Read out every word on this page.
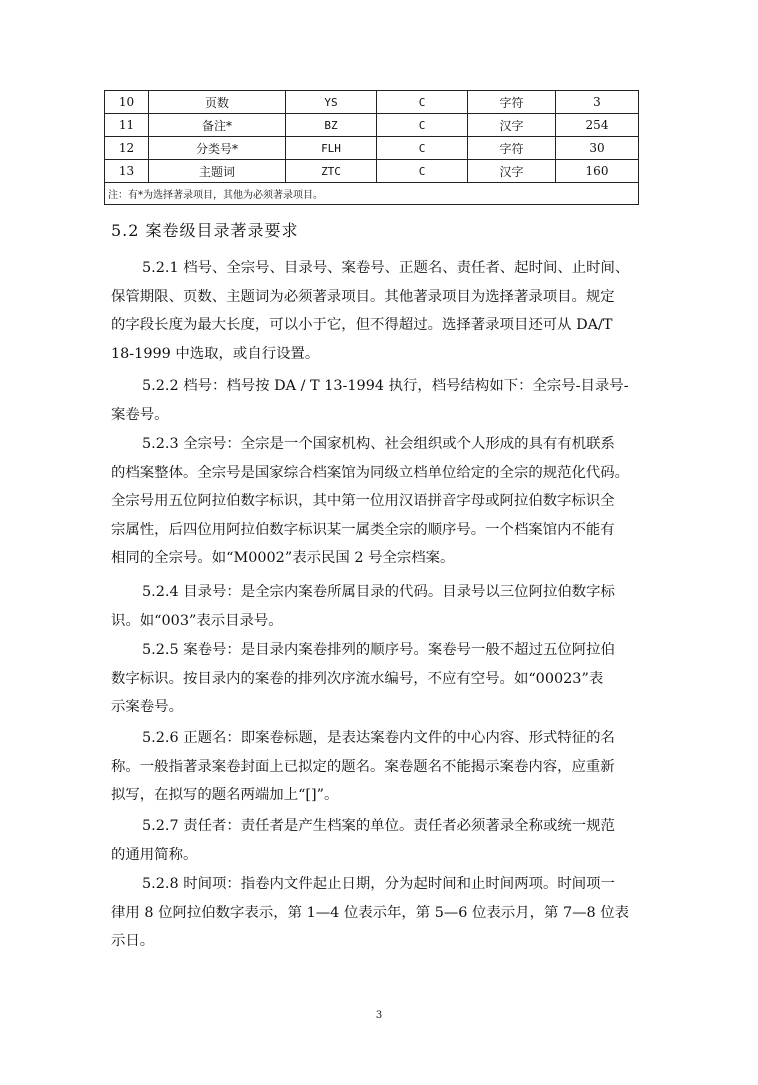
10	页数	YS	C	字符	3
11	备注*	BZ	C	汉字	254
12	分类号*	FLH	C	字符	30
13	主题词	ZTC	C	汉字	160
注：有*为选择著录项目，其他为必须著录项目。					
5.2 案卷级目录著录要求

5.2.1 档号、全宗号、目录号、案卷号、正题名、责任者、起时间、止时间、
保管期限、页数、主题词为必须著录项目。其他著录项目为选择著录项目。规定
的字段长度为最大长度，可以小于它，但不得超过。选择著录项目还可从 DA/T
18-1999 中选取，或自行设置。

5.2.2 档号：档号按 DA / T 13-1994 执行，档号结构如下：全宗号-目录号-
案卷号。

5.2.3 全宗号：全宗是一个国家机构、社会组织或个人形成的具有有机联系
的档案整体。全宗号是国家综合档案馆为同级立档单位给定的全宗的规范化代码。
全宗号用五位阿拉伯数字标识，其中第一位用汉语拼音字母或阿拉伯数字标识全
宗属性，后四位用阿拉伯数字标识某一属类全宗的顺序号。一个档案馆内不能有
相同的全宗号。如“M0002”表示民国 2 号全宗档案。

5.2.4 目录号：是全宗内案卷所属目录的代码。目录号以三位阿拉伯数字标
识。如“003”表示目录号。

5.2.5 案卷号：是目录内案卷排列的顺序号。案卷号一般不超过五位阿拉伯
数字标识。按目录内的案卷的排列次序流水编号，不应有空号。如“00023”表
示案卷号。

5.2.6 正题名：即案卷标题，是表达案卷内文件的中心内容、形式特征的名
称。一般指著录案卷封面上已拟定的题名。案卷题名不能揭示案卷内容，应重新
拟写，在拟写的题名两端加上“[]”。

5.2.7 责任者：责任者是产生档案的单位。责任者必须著录全称或统一规范
的通用简称。

5.2.8 时间项：指卷内文件起止日期，分为起时间和止时间两项。时间项一
律用 8 位阿拉伯数字表示，第 1—4 位表示年，第 5—6 位表示月，第 7—8 位表
示日。

3
